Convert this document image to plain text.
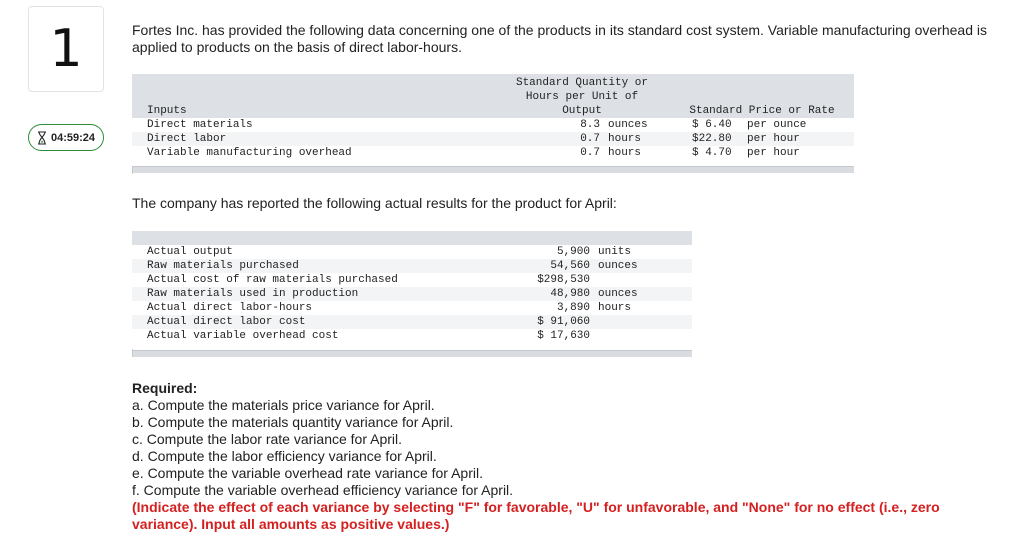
1
04:59:24
Fortes Inc. has provided the following data concerning one of the products in its standard cost system. Variable manufacturing overhead is applied to products on the basis of direct labor-hours.
Standard Quantity or
Hours per Unit of
Output	Standard Price or Rate
Inputs
Direct materials	8.3 ounces	$ 6.40 per ounce
Direct labor	0.7 hours	$22.80 per hour
Variable manufacturing overhead	0.7 hours	$ 4.70 per hour
The company has reported the following actual results for the product for April:
Actual output	5,900 units
Raw materials purchased	54,560 ounces
Actual cost of raw materials purchased	$298,530
Raw materials used in production	48,980 ounces
Actual direct labor-hours	3,890 hours
Actual direct labor cost	$ 91,060
Actual variable overhead cost	$ 17,630
Required:
a. Compute the materials price variance for April.
b. Compute the materials quantity variance for April.
c. Compute the labor rate variance for April.
d. Compute the labor efficiency variance for April.
e. Compute the variable overhead rate variance for April.
f. Compute the variable overhead efficiency variance for April.
(Indicate the effect of each variance by selecting "F" for favorable, "U" for unfavorable, and "None" for no effect (i.e., zero variance). Input all amounts as positive values.)
